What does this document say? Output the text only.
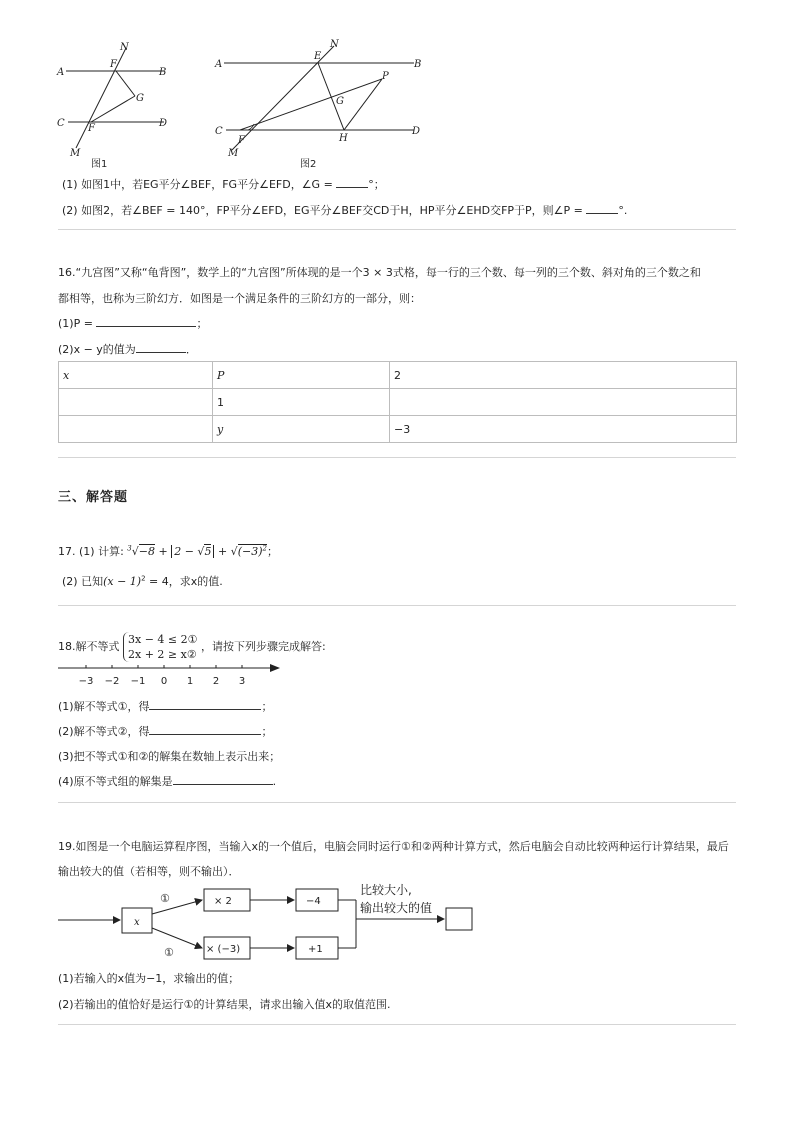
N
A	B
F
G
C F	D
M
图1
N
A
E
B
P
G
C
F	H
D
M
图2
(1) 如图1中，若EG平分∠BEF，FG平分∠EFD，∠G =	°；
(2) 如图2，若∠BEF = 140°，FP平分∠EFD，EG平分∠BEF交CD于H，HP平分∠EHD交FP于P，则∠P =	°.
16.“九宫图”又称“龟背图”，数学上的“九宫图”所体现的是一个3 × 3式格，每一行的三个数、每一列的三个数、斜对角的三个数之和
都相等，也称为三阶幻方．如图是一个满足条件的三阶幻方的一部分，则：
(1)P =	；
(2)x − y的值为	．
x	P	2
	1	
	y	−3
三、解答题
17. (1) 计算: $^3√-8 + 2 - √5 + √(-3)^2$；
(2) 已知$(x - 1)^2 = 4$，求x的值.
18.解不等式 3x − 4 ≤ 2①
2x + 2 ≥ x② ，请按下列步骤完成解答:
−3 −2 −1 0 1 2 3
(1)解不等式①，得	；
(2)解不等式②，得	；
(3)把不等式①和②的解集在数轴上表示出来；
(4)原不等式组的解集是	.
19.如图是一个电脑运算程序图，当输入x的一个值后，电脑会同时运行①和②两种计算方式，然后电脑会自动比较两种运行计算结果，最后
输出较大的值（若相等，则不输出）．
x
①
①
× 2
× (−3)
−4
+1
比较大小,
输出较大的值
(1)若输入的x值为−1，求输出的值；
(2)若输出的值恰好是运行①的计算结果，请求出输入值x的取值范围.
